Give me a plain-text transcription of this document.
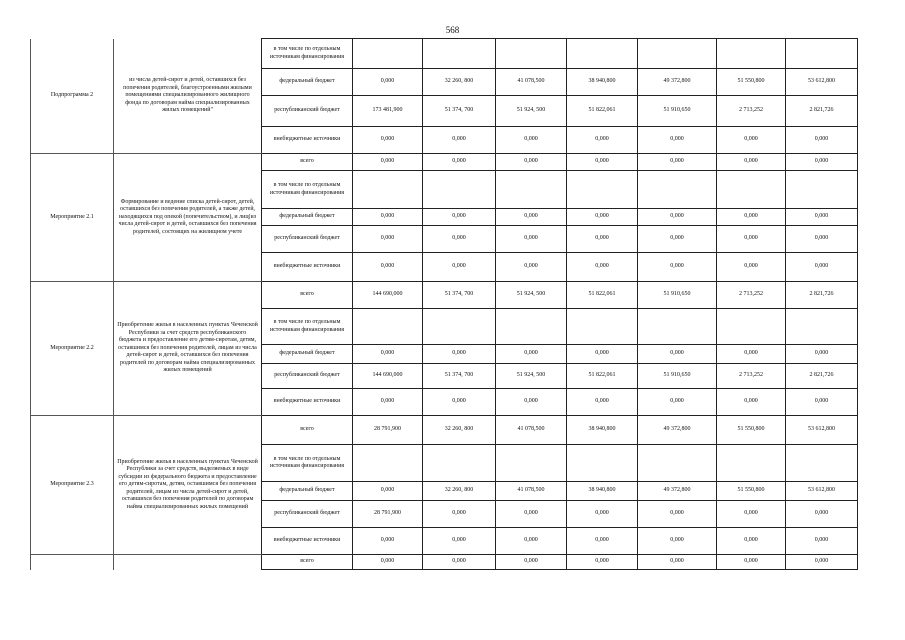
568
Подпрограмма 2	из числа детей-сирот и детей, оставшихся без попечения родителей, благоустроенными жилыми помещениями специализированного жилищного фонда по договорам найма специализированных жилых помещений"	в том числе по отдельным источникам финансирования							
		федеральный бюджет	0,000	32 260, 800	41 078,500	38 940,800	49 372,800	51 550,800	53 612,800
		республиканский бюджет	173 481,900	51 374, 700	51 924, 500	51 822,061	51 910,650	2 713,252	2 821,726
		внебюджетные источники	0,000	0,000	0,000	0,000	0,000	0,000	0,000
Мероприятие 2.1	Формирование и ведение списка детей-сирот, детей, оставшихся без попечения родителей, а также детей, находящихся под опекой (попечительством), и лиц(из числа детей-сирот и детей, оставшихся без попечения родителей, состоящих на жилищном учете	всего	0,000	0,000	0,000	0,000	0,000	0,000	0,000
		в том числе по отдельным источникам финансирования							
		федеральный бюджет	0,000	0,000	0,000	0,000	0,000	0,000	0,000
		республиканский бюджет	0,000	0,000	0,000	0,000	0,000	0,000	0,000
		внебюджетные источники	0,000	0,000	0,000	0,000	0,000	0,000	0,000
Мероприятие 2.2	Приобретение жилья в населенных пунктах Чеченской Республики за счет средств республиканского бюджета и предоставление его детям-сиротам, детям, оставшимся без попечения родителей, лицам из числа детей-сирот и детей, оставшихся без попечения родителей по договорам найма специализированных жилых помещений	всего	144 690,000	51 374, 700	51 924, 500	51 822,061	51 910,650	2 713,252	2 821,726
		в том числе по отдельным источникам финансирования							
		федеральный бюджет	0,000	0,000	0,000	0,000	0,000	0,000	0,000
		республиканский бюджет	144 690,000	51 374, 700	51 924, 500	51 822,061	51 910,650	2 713,252	2 821,726
		внебюджетные источники	0,000	0,000	0,000	0,000	0,000	0,000	0,000
Мероприятие 2.3	Приобретение жилья в населенных пунктах Чеченской Республики за счет средств, выделяемых в виде субсидии из федерального бюджета и предоставление его детям-сиротам, детям, оставшимся без попечения родителей, лицам из числа детей-сирот и детей, оставшихся без попечения родителей по договорам найма специализированных жилых помещений	всего	28 791,900	32 260, 800	41 078,500	38 940,800	49 372,800	51 550,800	53 612,800
		в том числе по отдельным источникам финансирования							
		федеральный бюджет	0,000	32 260, 800	41 078,500	38 940,800	49 372,800	51 550,800	53 612,800
		республиканский бюджет	28 791,900	0,000	0,000	0,000	0,000	0,000	0,000
		внебюджетные источники	0,000	0,000	0,000	0,000	0,000	0,000	0,000
		всего	0,000	0,000	0,000	0,000	0,000	0,000	0,000
